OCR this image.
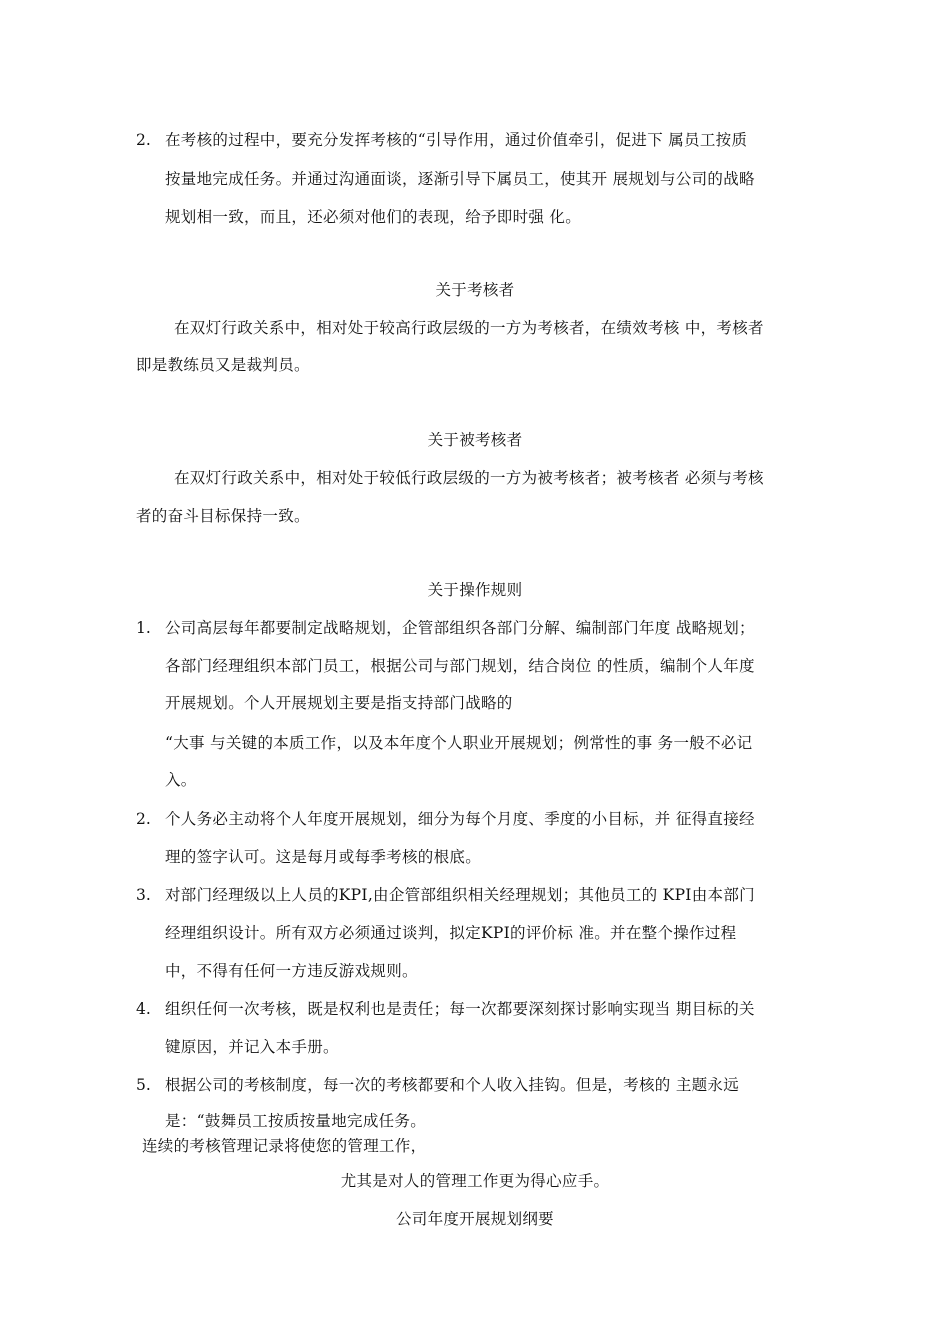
2. 在考核的过程中，要充分发挥考核的“引导作用，通过价值牵引，促进下 属员工按质
按量地完成任务。并通过沟通面谈，逐渐引导下属员工，使其开 展规划与公司的战略
规划相一致，而且，还必须对他们的表现，给予即时强 化。
关于考核者
在双灯行政关系中，相对处于较高行政层级的一方为考核者，在绩效考核 中，考核者
即是教练员又是裁判员。
关于被考核者
在双灯行政关系中，相对处于较低行政层级的一方为被考核者；被考核者 必须与考核
者的奋斗目标保持一致。
关于操作规则
1. 公司高层每年都要制定战略规划，企管部组织各部门分解、编制部门年度 战略规划；
各部门经理组织本部门员工，根据公司与部门规划，结合岗位 的性质，编制个人年度
开展规划。个人开展规划主要是指支持部门战略的
“大事 与关键的本质工作，以及本年度个人职业开展规划；例常性的事 务一般不必记
入。
2. 个人务必主动将个人年度开展规划，细分为每个月度、季度的小目标，并 征得直接经
理的签字认可。这是每月或每季考核的根底。
3. 对部门经理级以上人员的KPI,由企管部组织相关经理规划；其他员工的 KPI由本部门
经理组织设计。所有双方必须通过谈判，拟定KPI的评价标 准。并在整个操作过程
中，不得有任何一方违反游戏规则。
4. 组织任何一次考核，既是权利也是责任；每一次都要深刻探讨影响实现当 期目标的关
键原因，并记入本手册。
5. 根据公司的考核制度，每一次的考核都要和个人收入挂钩。但是，考核的 主题永远
是：“鼓舞员工按质按量地完成任务。
连续的考核管理记录将使您的管理工作，
尤其是对人的管理工作更为得心应手。
公司年度开展规划纲要
